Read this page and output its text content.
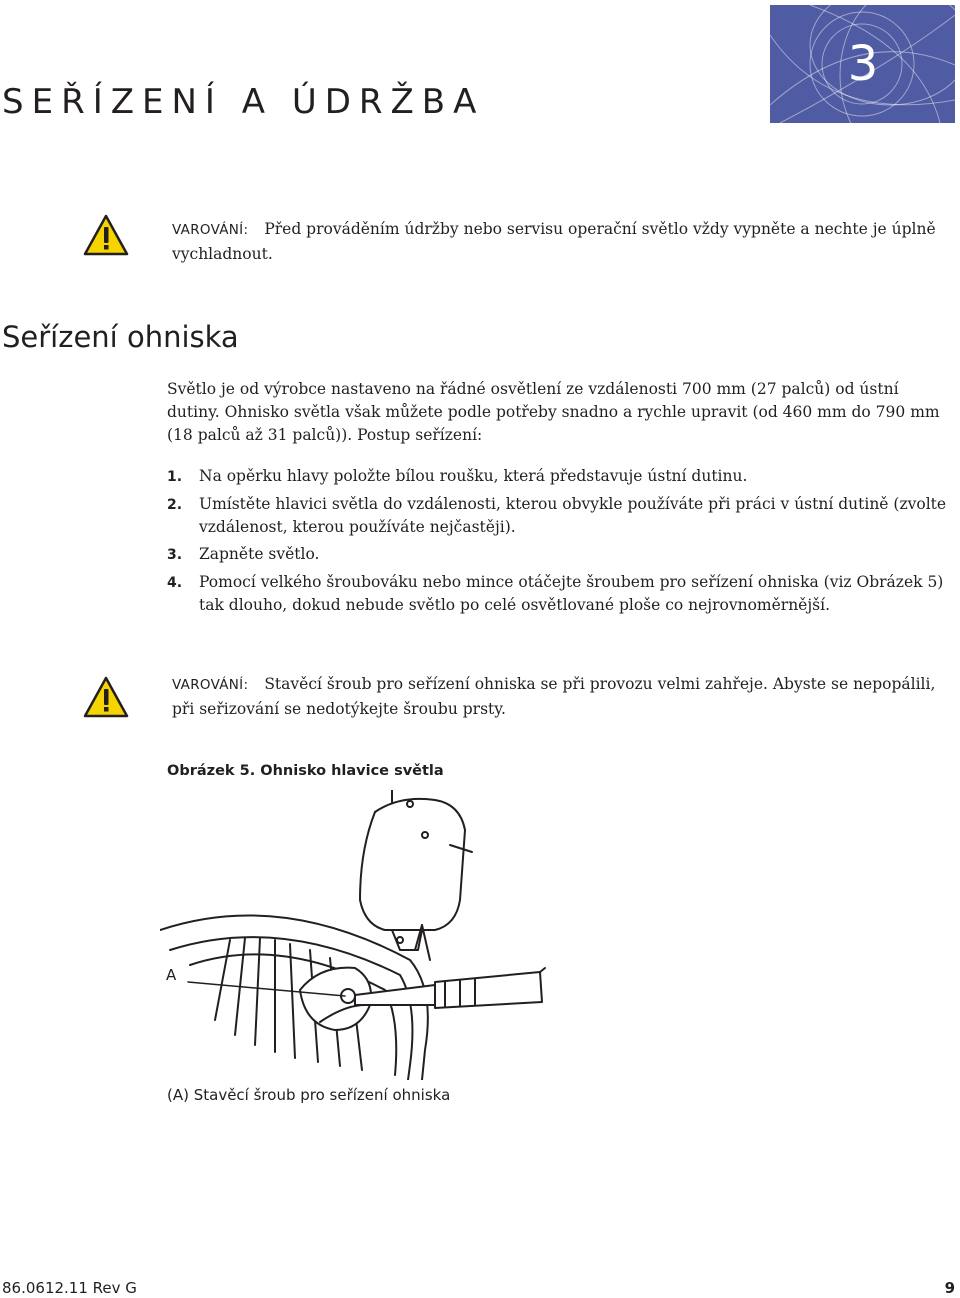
3
SEŘÍZENÍ A ÚDRŽBA
VAROVÁNÍ: Před prováděním údržby nebo servisu operační světlo vždy vypněte a nechte je úplně vychladnout.
Seřízení ohniska

Světlo je od výrobce nastaveno na řádné osvětlení ze vzdálenosti 700 mm (27 palců) od ústní dutiny. Ohnisko světla však můžete podle potřeby snadno a rychle upravit (od 460 mm do 790 mm (18 palců až 31 palců)). Postup seřízení:

1.	Na opěrku hlavy položte bílou roušku, která představuje ústní dutinu.
2.	Umístěte hlavici světla do vzdálenosti, kterou obvykle používáte při práci v ústní dutině (zvolte vzdálenost, kterou používáte nejčastěji).
3.	Zapněte světlo.
4.	Pomocí velkého šroubováku nebo mince otáčejte šroubem pro seřízení ohniska (viz Obrázek 5) tak dlouho, dokud nebude světlo po celé osvětlované ploše co nejrovnoměrnější.
VAROVÁNÍ: Stavěcí šroub pro seřízení ohniska se při provozu velmi zahřeje. Abyste se nepopálili, při seřizování se nedotýkejte šroubu prsty.
Obrázek 5. Ohnisko hlavice světla
A
(A) Stavěcí šroub pro seřízení ohniska
86.0612.11 Rev G	9
